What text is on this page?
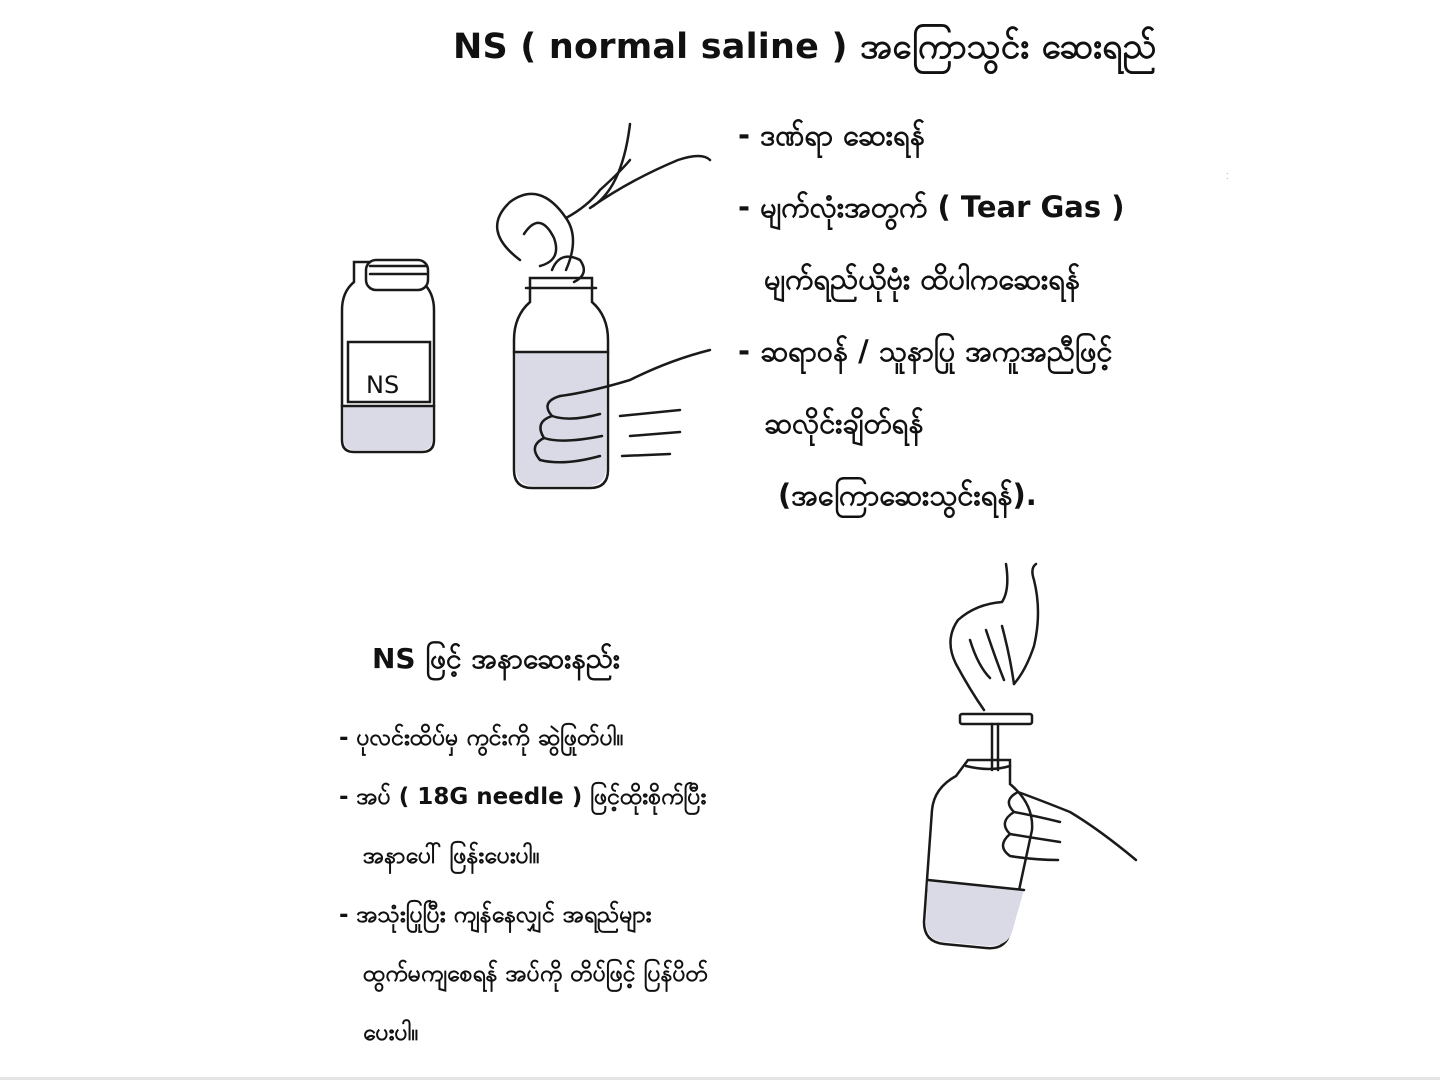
NS ( normal saline ) အကြောသွင်း ဆေးရည်
NS
- ဒဏ်ရာ ဆေးရန်
- မျက်လုံးအတွက် ( Tear Gas )
မျက်ရည်ယိုဗုံး ထိပါကဆေးရန်
- ဆရာဝန် / သူနာပြု အကူအညီဖြင့်
ဆလိုင်းချိတ်ရန်
(အကြောဆေးသွင်းရန်).
⁚
NS ဖြင့် အနာဆေးနည်း
- ပုလင်းထိပ်မှ ကွင်းကို ဆွဲဖြုတ်ပါ။
- အပ် ( 18G needle ) ဖြင့်ထိုးစိုက်ပြီး
အနာပေါ် ဖြန်းပေးပါ။
- အသုံးပြုပြီး ကျန်နေလျှင် အရည်များ
ထွက်မကျစေရန် အပ်ကို တိပ်ဖြင့် ပြန်ပိတ်
ပေးပါ။
